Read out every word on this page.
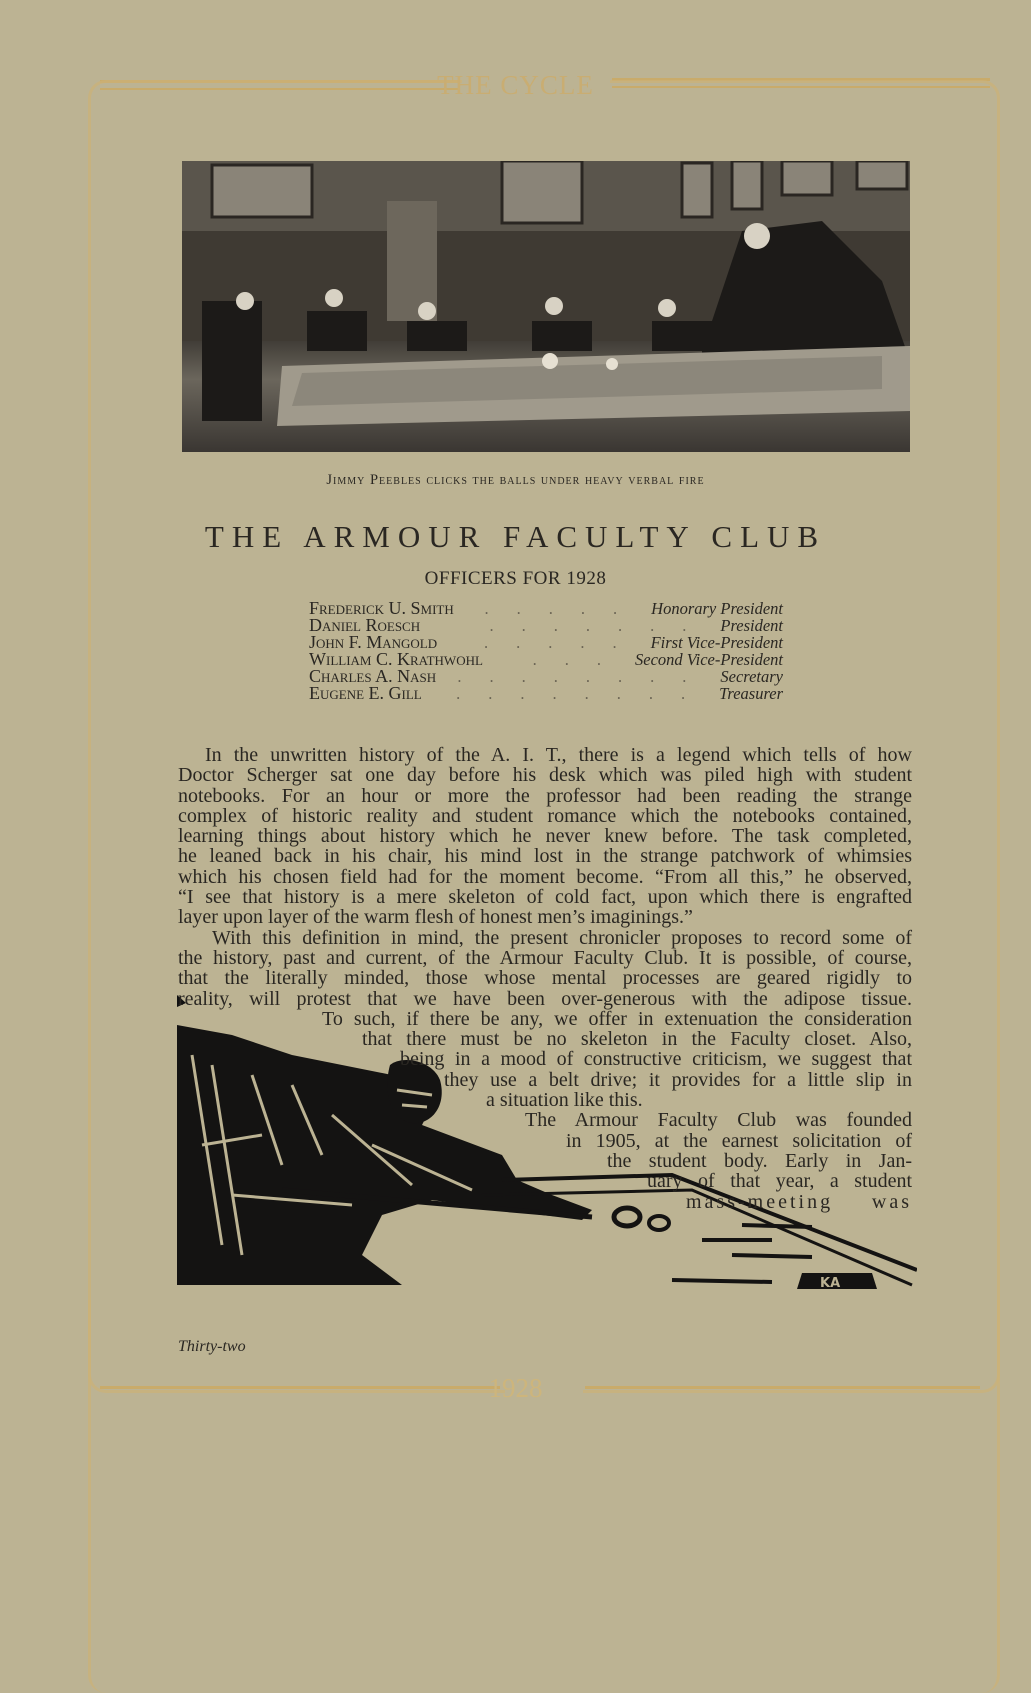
THE CYCLE
1928
Jimmy Peebles clicks the balls under heavy verbal fire
THE ARMOUR FACULTY CLUB
OFFICERS FOR 1928
Frederick U. Smith	..... Honorary President
Daniel Roesch	....... President
John F. Mangold	..... First Vice-President
William C. Krathwohl	... Second Vice-President
Charles A. Nash	........ Secretary
Eugene E. Gill	........ Treasurer
KA
In the unwritten history of the A. I. T., there is a legend which tells of how
Doctor Scherger sat one day before his desk which was piled high with student
notebooks. For an hour or more the professor had been reading the strange
complex of historic reality and student romance which the notebooks contained,
learning things about history which he never knew before. The task completed,
he leaned back in his chair, his mind lost in the strange patchwork of whimsies
which his chosen field had for the moment become. “From all this,” he observed,
“I see that history is a mere skeleton of cold fact, upon which there is engrafted
layer upon layer of the warm flesh of honest men’s imaginings.”
With this definition in mind, the present chronicler proposes to record some of
the history, past and current, of the Armour Faculty Club. It is possible, of course,
that the literally minded, those whose mental processes are geared rigidly to
reality, will protest that we have been over-generous with the adipose tissue.
To such, if there be any, we offer in extenuation the consideration
that there must be no skeleton in the Faculty closet. Also,
being in a mood of constructive criticism, we suggest that
they use a belt drive; it provides for a little slip in
a situation like this.
The Armour Faculty Club was founded
in 1905, at the earnest solicitation of
the student body. Early in Jan-
uary of that year, a student
mass-meeting was
Thirty-two
